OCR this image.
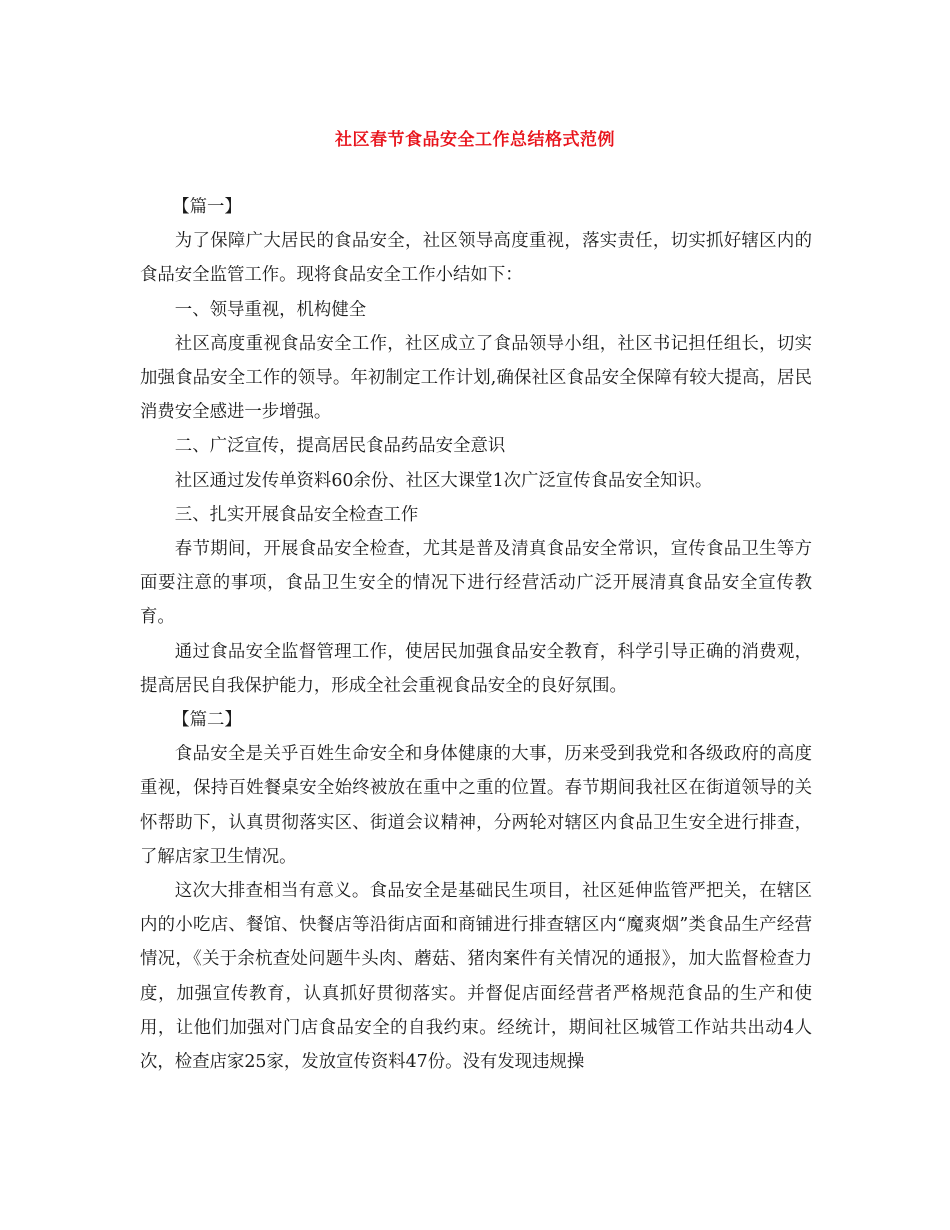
社区春节食品安全工作总结格式范例

【篇一】

为了保障广大居民的食品安全，社区领导高度重视，落实责任，切实抓好辖区内的食品安全监管工作。现将食品安全工作小结如下：

一、领导重视，机构健全

社区高度重视食品安全工作，社区成立了食品领导小组，社区书记担任组长，切实加强食品安全工作的领导。年初制定工作计划,确保社区食品安全保障有较大提高，居民消费安全感进一步增强。

二、广泛宣传，提高居民食品药品安全意识

社区通过发传单资料60余份、社区大课堂1次广泛宣传食品安全知识。

三、扎实开展食品安全检查工作

春节期间，开展食品安全检查，尤其是普及清真食品安全常识，宣传食品卫生等方面要注意的事项，食品卫生安全的情况下进行经营活动广泛开展清真食品安全宣传教育。

通过食品安全监督管理工作，使居民加强食品安全教育，科学引导正确的消费观，提高居民自我保护能力，形成全社会重视食品安全的良好氛围。

【篇二】

食品安全是关乎百姓生命安全和身体健康的大事，历来受到我党和各级政府的高度重视，保持百姓餐桌安全始终被放在重中之重的位置。春节期间我社区在街道领导的关怀帮助下，认真贯彻落实区、街道会议精神，分两轮对辖区内食品卫生安全进行排查，了解店家卫生情况。

这次大排查相当有意义。食品安全是基础民生项目，社区延伸监管严把关，在辖区内的小吃店、餐馆、快餐店等沿街店面和商铺进行排查辖区内“魔爽烟”类食品生产经营情况，《关于余杭查处问题牛头肉、蘑菇、猪肉案件有关情况的通报》，加大监督检查力度，加强宣传教育，认真抓好贯彻落实。并督促店面经营者严格规范食品的生产和使用，让他们加强对门店食品安全的自我约束。经统计，期间社区城管工作站共出动4人次，检查店家25家，发放宣传资料47份。没有发现违规操
